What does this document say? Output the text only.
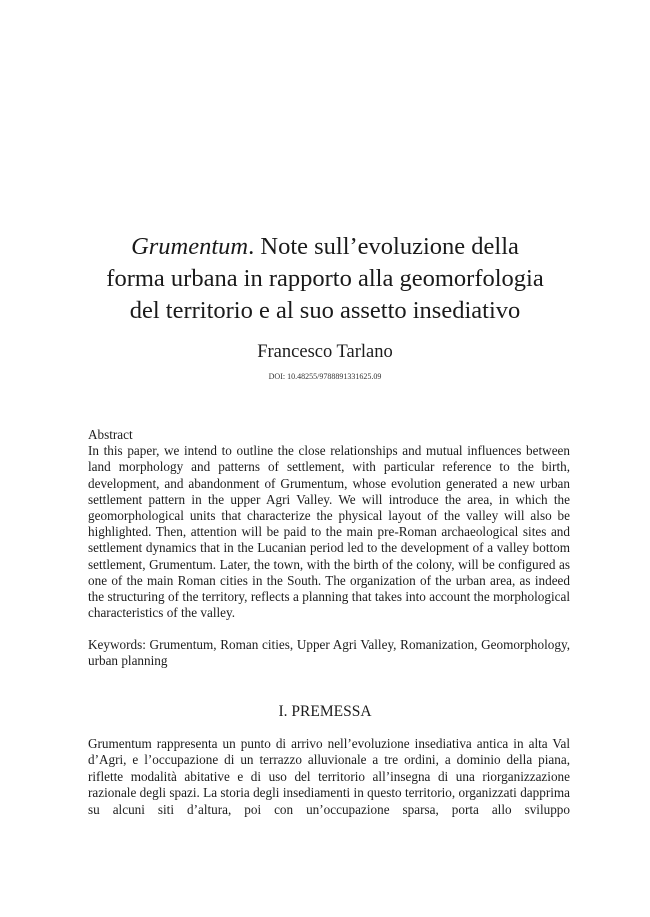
Grumentum. Note sull’evoluzione della
forma urbana in rapporto alla geomorfologia
del territorio e al suo assetto insediativo
Francesco Tarlano
DOI: 10.48255/9788891331625.09
Abstract

In this paper, we intend to outline the close relationships and mutual influences between land morphology and patterns of settlement, with particular reference to the birth, development, and abandonment of Grumentum, whose evolution generated a new urban settlement pattern in the upper Agri Valley. We will introduce the area, in which the geomorphological units that characterize the physical layout of the valley will also be highlighted. Then, attention will be paid to the main pre-Roman archaeological sites and settlement dynamics that in the Lucanian period led to the development of a valley bottom settlement, Grumentum. Later, the town, with the birth of the colony, will be configured as one of the main Roman cities in the South. The organization of the urban area, as indeed the structuring of the territory, reflects a planning that takes into account the morphological characteristics of the valley.

Keywords: Grumentum, Roman cities, Upper Agri Valley, Romanization, Geomorphology, urban planning

I. PREMESSA

Grumentum rappresenta un punto di arrivo nell’evoluzione insediativa antica in alta Val d’Agri, e l’occupazione di un terrazzo alluvionale a tre ordini, a dominio della piana, riflette modalità abitative e di uso del territorio all’insegna di una riorganizzazione razionale degli spazi. La storia degli insediamenti in questo territorio, organizzati dapprima su alcuni siti d’altura, poi con un’occupazione sparsa, porta allo sviluppo
